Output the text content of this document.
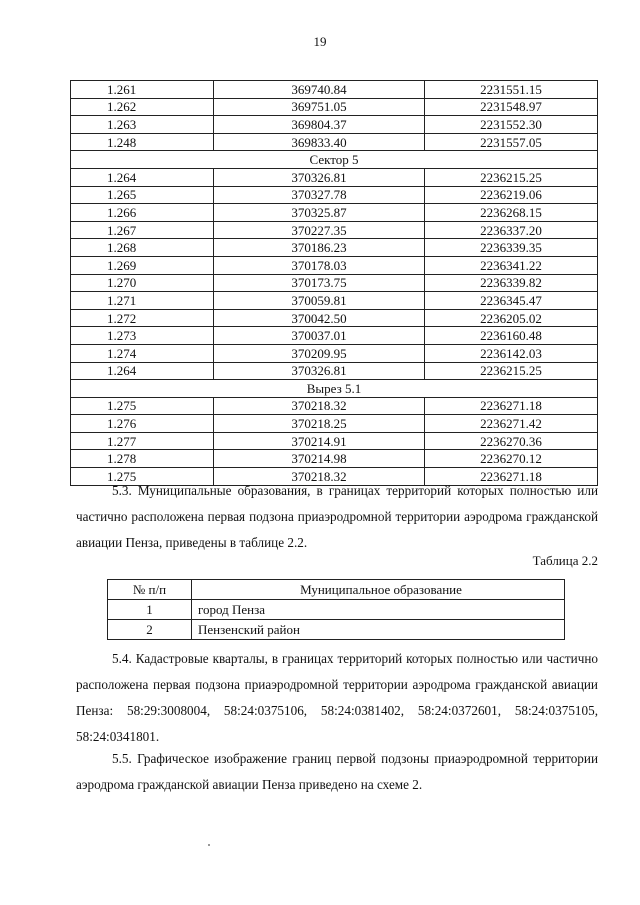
19
1.261	369740.84	2231551.15
1.262	369751.05	2231548.97
1.263	369804.37	2231552.30
1.248	369833.40	2231557.05
Сектор 5		
1.264	370326.81	2236215.25
1.265	370327.78	2236219.06
1.266	370325.87	2236268.15
1.267	370227.35	2236337.20
1.268	370186.23	2236339.35
1.269	370178.03	2236341.22
1.270	370173.75	2236339.82
1.271	370059.81	2236345.47
1.272	370042.50	2236205.02
1.273	370037.01	2236160.48
1.274	370209.95	2236142.03
1.264	370326.81	2236215.25
Вырез 5.1		
1.275	370218.32	2236271.18
1.276	370218.25	2236271.42
1.277	370214.91	2236270.36
1.278	370214.98	2236270.12
1.275	370218.32	2236271.18
5.3. Муниципальные образования, в границах территорий которых полностью или частично расположена первая подзона приаэродромной территории аэродрома гражданской авиации Пенза, приведены в таблице 2.2.
Таблица 2.2
№ п/п	Муниципальное образование
1	город Пенза
2	Пензенский район
5.4. Кадастровые кварталы, в границах территорий которых полностью или частично расположена первая подзона приаэродромной территории аэродрома гражданской авиации Пенза: 58:29:3008004, 58:24:0375106, 58:24:0381402, 58:24:0372601, 58:24:0375105, 58:24:0341801.
5.5. Графическое изображение границ первой подзоны приаэродромной территории аэродрома гражданской авиации Пенза приведено на схеме 2.
